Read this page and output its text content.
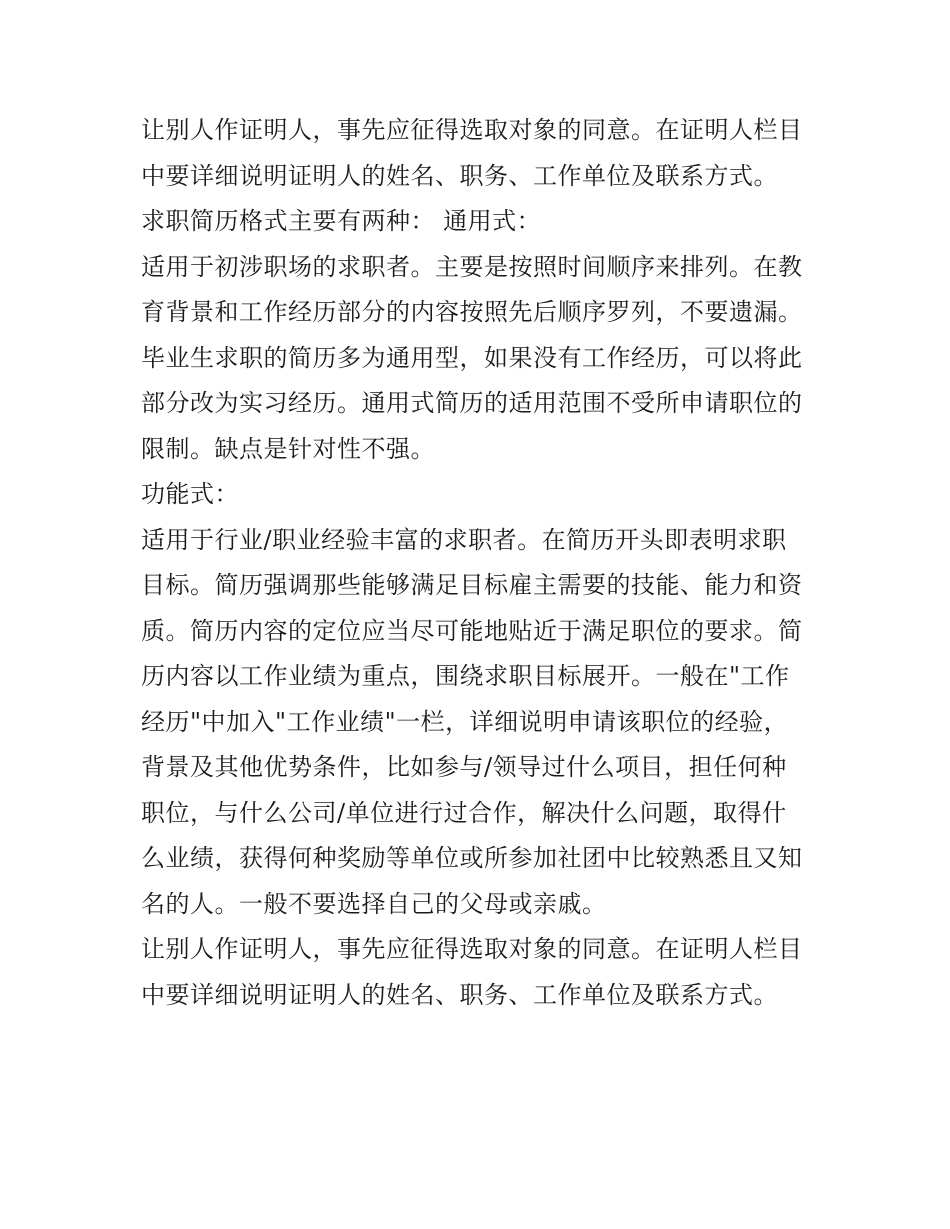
让别人作证明人，事先应征得选取对象的同意。在证明人栏目
中要详细说明证明人的姓名、职务、工作单位及联系方式。
求职简历格式主要有两种： 通用式：
适用于初涉职场的求职者。主要是按照时间顺序来排列。在教
育背景和工作经历部分的内容按照先后顺序罗列，不要遗漏。
毕业生求职的简历多为通用型，如果没有工作经历，可以将此
部分改为实习经历。通用式简历的适用范围不受所申请职位的
限制。缺点是针对性不强。
功能式：
适用于行业/职业经验丰富的求职者。在简历开头即表明求职
目标。简历强调那些能够满足目标雇主需要的技能、能力和资
质。简历内容的定位应当尽可能地贴近于满足职位的要求。简
历内容以工作业绩为重点，围绕求职目标展开。一般在"工作
经历"中加入"工作业绩"一栏，详细说明申请该职位的经验，
背景及其他优势条件，比如参与/领导过什么项目，担任何种
职位，与什么公司/单位进行过合作，解决什么问题，取得什
么业绩，获得何种奖励等单位或所参加社团中比较熟悉且又知
名的人。一般不要选择自己的父母或亲戚。
让别人作证明人，事先应征得选取对象的同意。在证明人栏目
中要详细说明证明人的姓名、职务、工作单位及联系方式。
